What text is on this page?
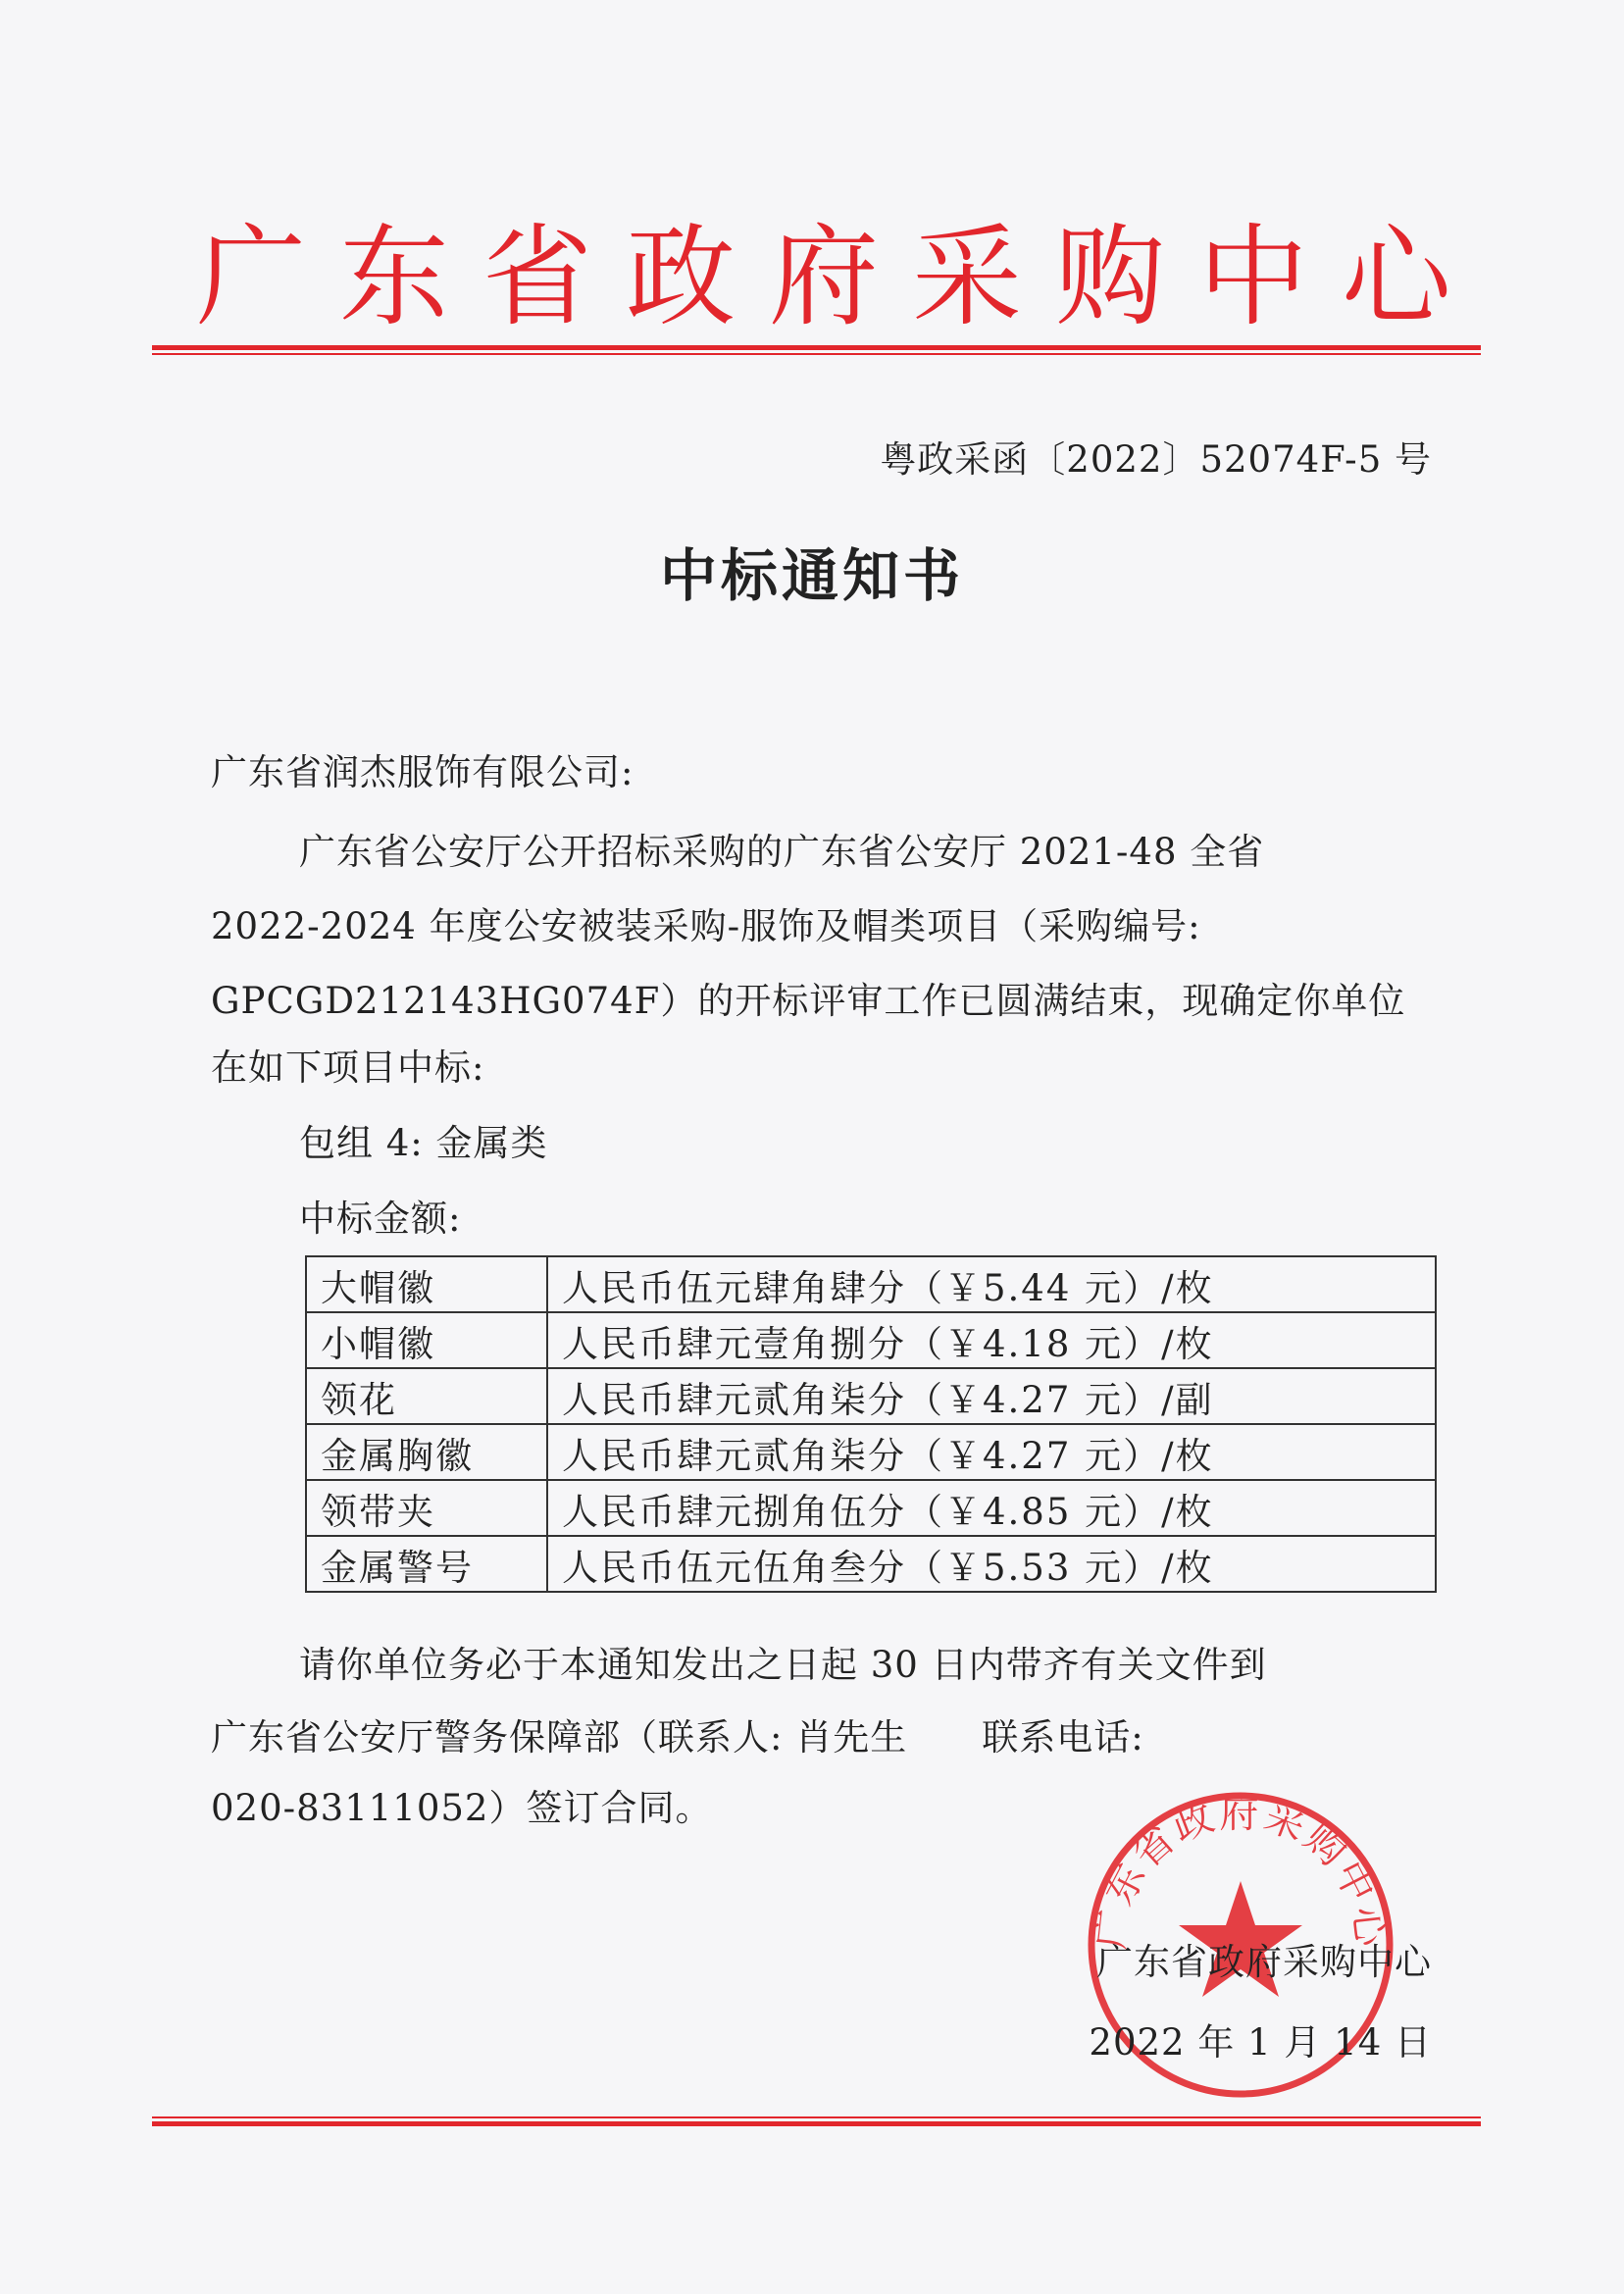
广东省政府采购中心
粤政采函〔2022〕52074F-5 号
中标通知书
广东省润杰服饰有限公司:
广东省公安厅公开招标采购的广东省公安厅 2021-48 全省
2022-2024 年度公安被装采购-服饰及帽类项目（采购编号:
GPCGD212143HG074F）的开标评审工作已圆满结束，现确定你单位
在如下项目中标:
包组 4: 金属类
中标金额:
大帽徽	人民币伍元肆角肆分（￥5.44 元）/枚
小帽徽	人民币肆元壹角捌分（￥4.18 元）/枚
领花	人民币肆元贰角柒分（￥4.27 元）/副
金属胸徽	人民币肆元贰角柒分（￥4.27 元）/枚
领带夹	人民币肆元捌角伍分（￥4.85 元）/枚
金属警号	人民币伍元伍角叁分（￥5.53 元）/枚
请你单位务必于本通知发出之日起 30 日内带齐有关文件到
广东省公安厅警务保障部（联系人: 肖先生　　联系电话:
020-83111052）签订合同。
广东省政府采购中心
广东省政府采购中心
2022 年 1 月 14 日
